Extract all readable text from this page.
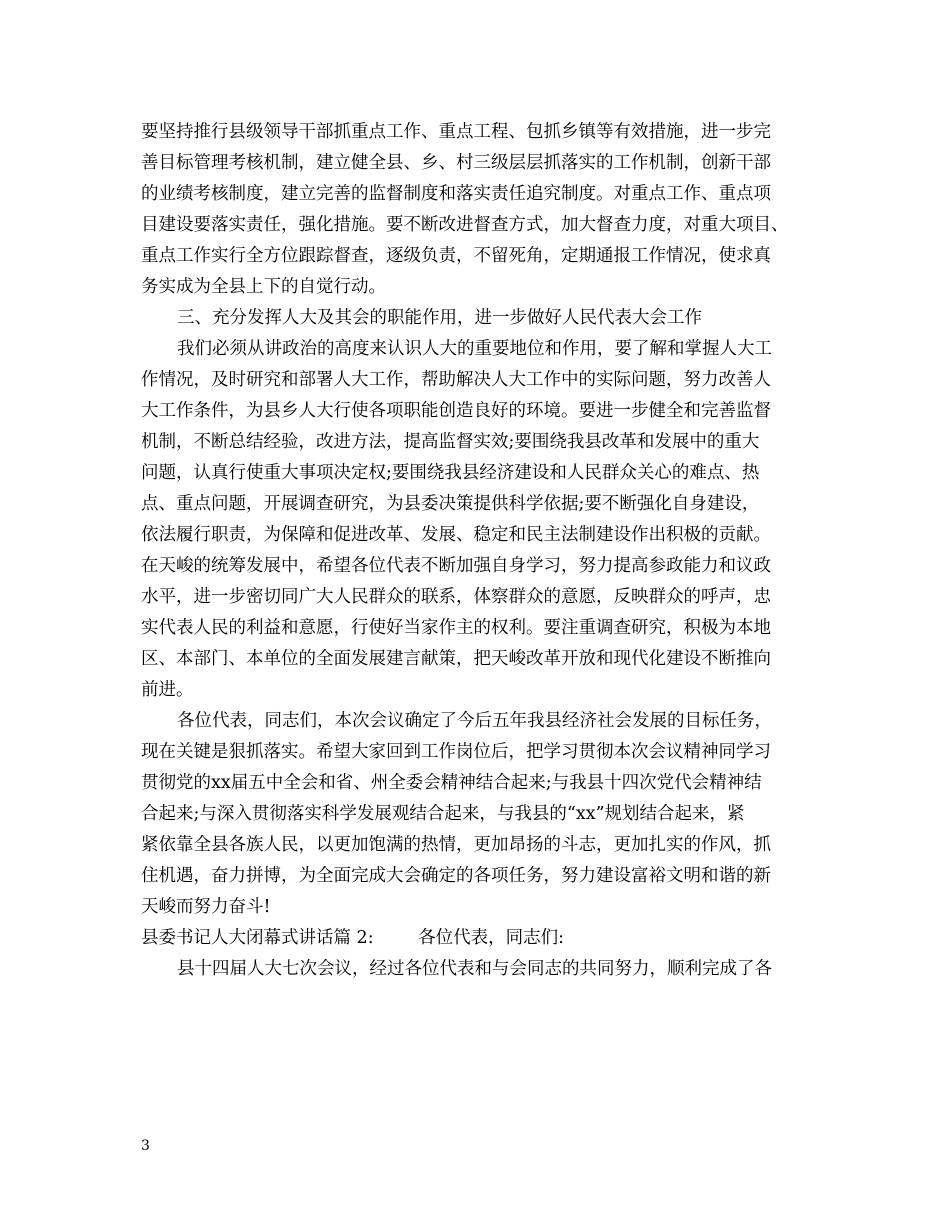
要坚持推行县级领导干部抓重点工作、重点工程、包抓乡镇等有效措施，进一步完
善目标管理考核机制，建立健全县、乡、村三级层层抓落实的工作机制，创新干部
的业绩考核制度，建立完善的监督制度和落实责任追究制度。对重点工作、重点项
目建设要落实责任，强化措施。要不断改进督查方式，加大督查力度，对重大项目、
重点工作实行全方位跟踪督查，逐级负责，不留死角，定期通报工作情况，使求真
务实成为全县上下的自觉行动。
三、充分发挥人大及其会的职能作用，进一步做好人民代表大会工作
我们必须从讲政治的高度来认识人大的重要地位和作用，要了解和掌握人大工
作情况，及时研究和部署人大工作，帮助解决人大工作中的实际问题，努力改善人
大工作条件，为县乡人大行使各项职能创造良好的环境。要进一步健全和完善监督
机制，不断总结经验，改进方法，提高监督实效;要围绕我县改革和发展中的重大
问题，认真行使重大事项决定权;要围绕我县经济建设和人民群众关心的难点、热
点、重点问题，开展调查研究，为县委决策提供科学依据;要不断强化自身建设，
依法履行职责，为保障和促进改革、发展、稳定和民主法制建设作出积极的贡献。
在天峻的统筹发展中，希望各位代表不断加强自身学习，努力提高参政能力和议政
水平，进一步密切同广大人民群众的联系，体察群众的意愿，反映群众的呼声，忠
实代表人民的利益和意愿，行使好当家作主的权利。要注重调查研究，积极为本地
区、本部门、本单位的全面发展建言献策，把天峻改革开放和现代化建设不断推向
前进。
各位代表，同志们，本次会议确定了今后五年我县经济社会发展的目标任务，
现在关键是狠抓落实。希望大家回到工作岗位后，把学习贯彻本次会议精神同学习
贯彻党的xx届五中全会和省、州全委会精神结合起来;与我县十四次党代会精神结
合起来;与深入贯彻落实科学发展观结合起来，与我县的“xx”规划结合起来，紧
紧依靠全县各族人民，以更加饱满的热情，更加昂扬的斗志，更加扎实的作风，抓
住机遇，奋力拼博，为全面完成大会确定的各项任务，努力建设富裕文明和谐的新
天峻而努力奋斗!
县委书记人大闭幕式讲话篇 2:        各位代表，同志们:
县十四届人大七次会议，经过各位代表和与会同志的共同努力，顺利完成了各
3
